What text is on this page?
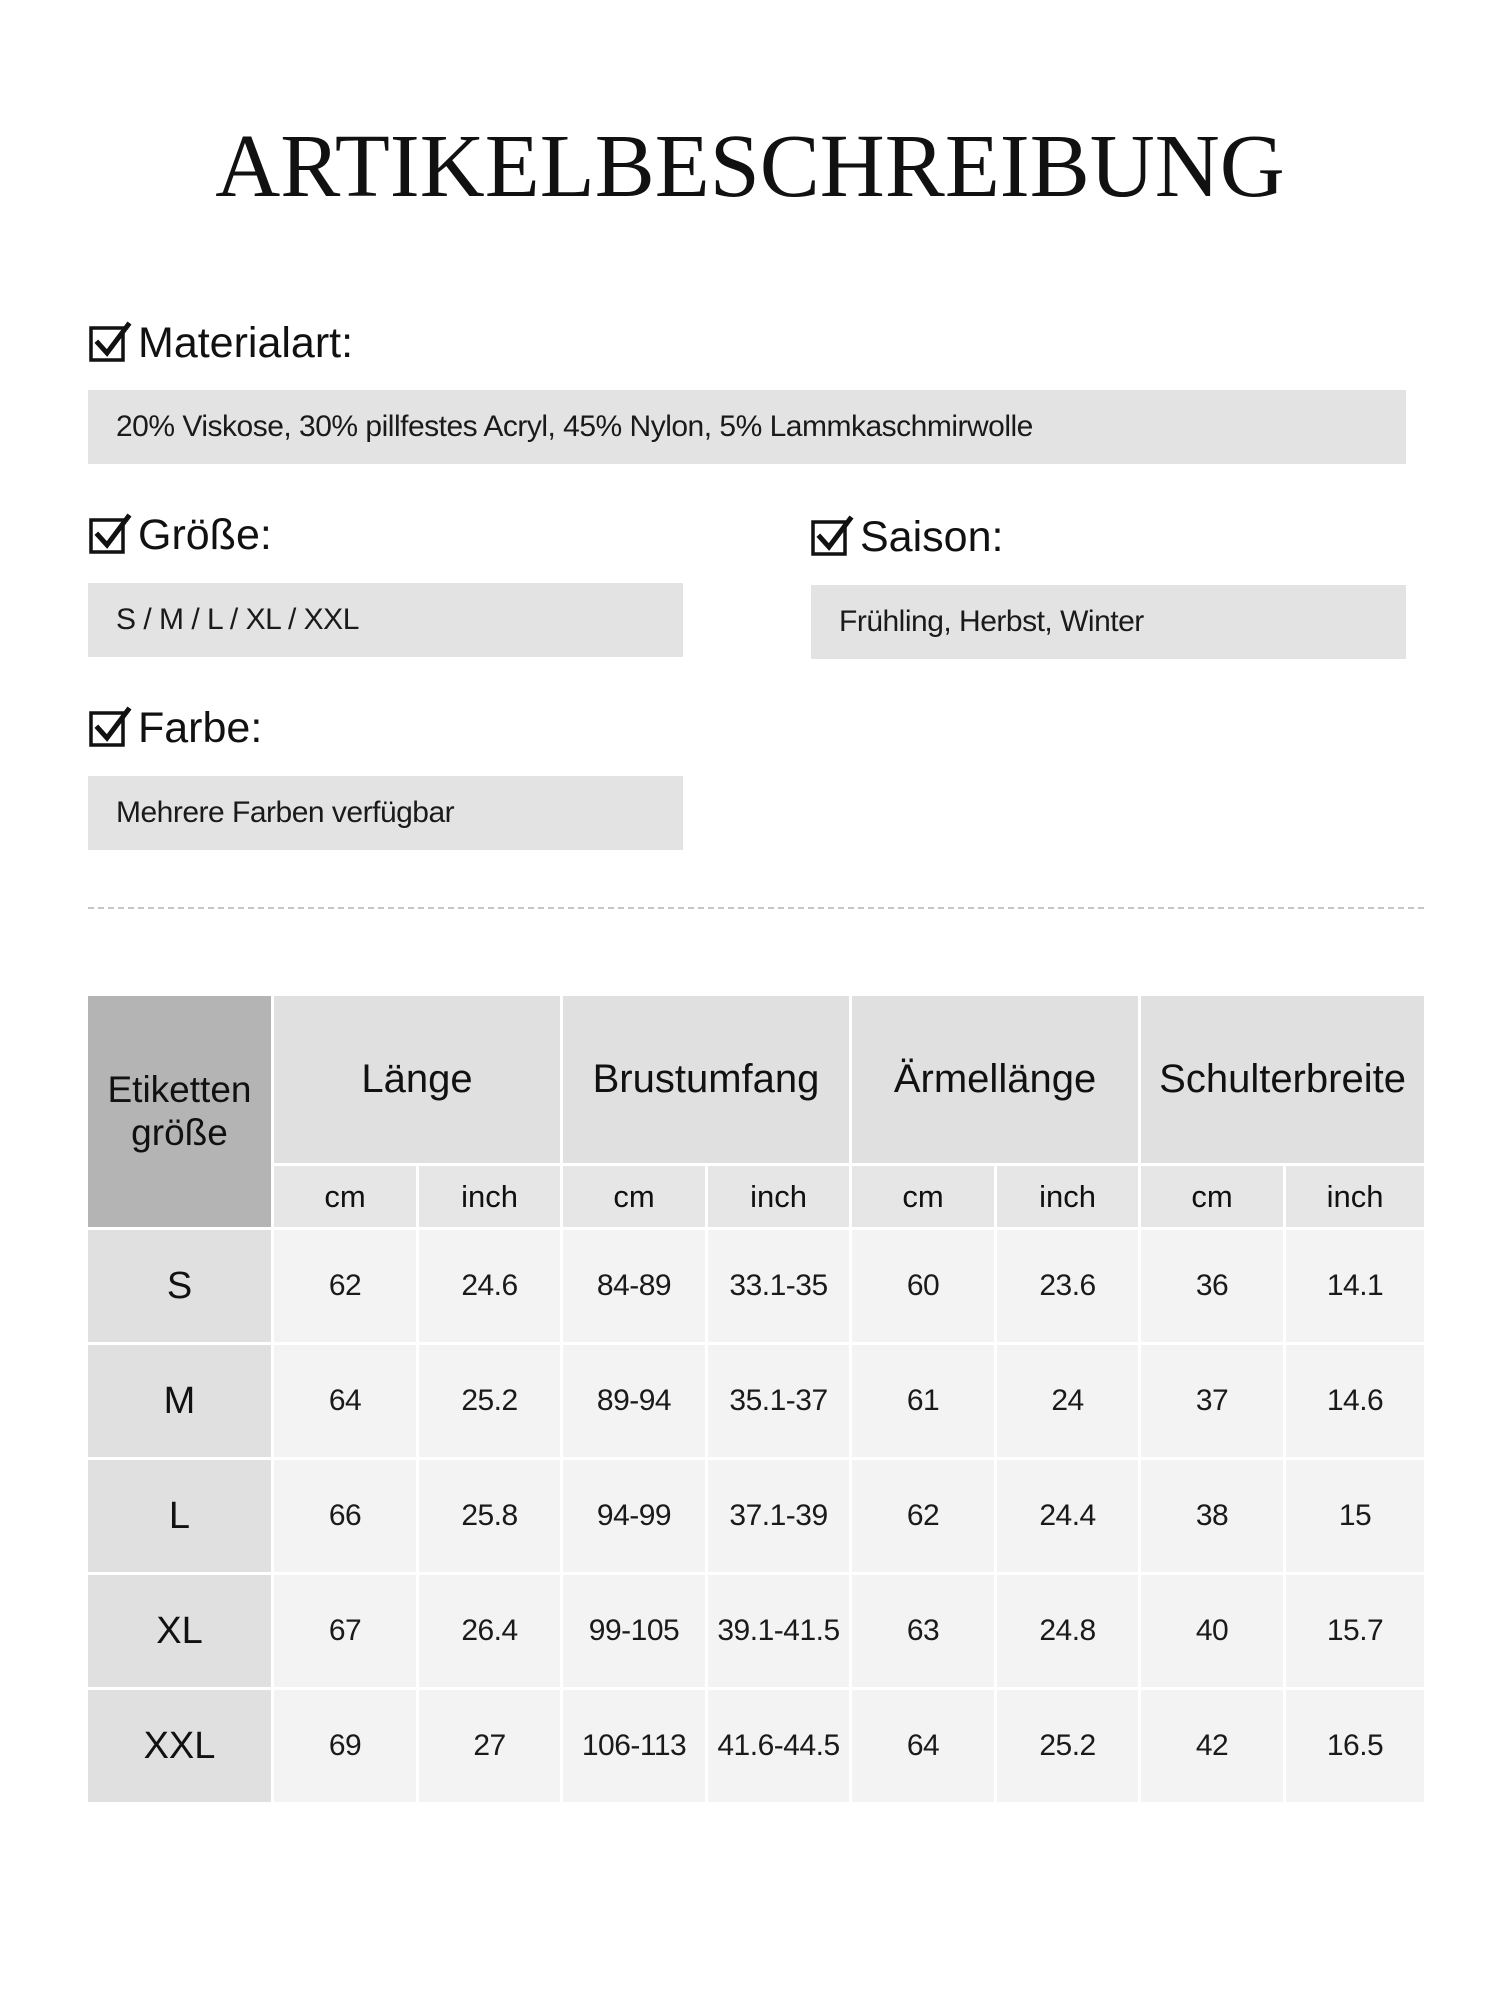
ARTIKELBESCHREIBUNG
Materialart:
20% Viskose, 30% pillfestes Acryl, 45% Nylon, 5% Lammkaschmirwolle
Größe:
S / M / L / XL / XXL
Saison:
Frühling, Herbst, Winter
Farbe:
Mehrere Farben verfügbar
Etiketten größe	Länge		Brustumfang		Ärmellänge		Schulterbreite	
	cm	inch	cm	inch	cm	inch	cm	inch
S	62	24.6	84-89	33.1-35	60	23.6	36	14.1
M	64	25.2	89-94	35.1-37	61	24	37	14.6
L	66	25.8	94-99	37.1-39	62	24.4	38	15
XL	67	26.4	99-105	39.1-41.5	63	24.8	40	15.7
XXL	69	27	106-113	41.6-44.5	64	25.2	42	16.5
